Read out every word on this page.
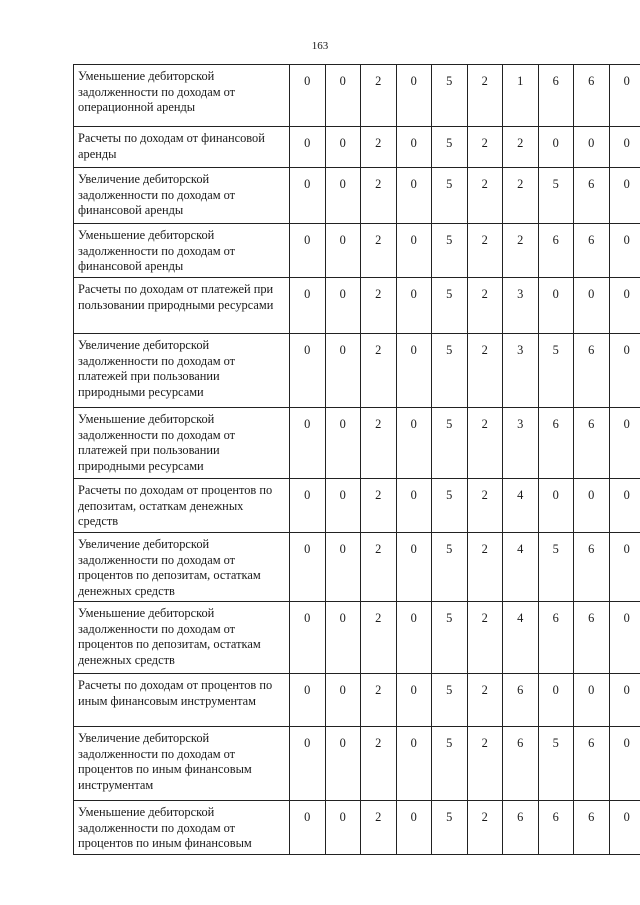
163
Уменьшение дебиторской задолженности по доходам от операционной аренды	0	0	2	0	5	2	1	6	6	0
Расчеты по доходам от финансовой аренды	0	0	2	0	5	2	2	0	0	0
Увеличение дебиторской задолженности по доходам от финансовой аренды	0	0	2	0	5	2	2	5	6	0
Уменьшение дебиторской задолженности по доходам от финансовой аренды	0	0	2	0	5	2	2	6	6	0
Расчеты по доходам от платежей при пользовании природными ресурсами	0	0	2	0	5	2	3	0	0	0
Увеличение дебиторской задолженности по доходам от платежей при пользовании природными ресурсами	0	0	2	0	5	2	3	5	6	0
Уменьшение дебиторской задолженности по доходам от платежей при пользовании природными ресурсами	0	0	2	0	5	2	3	6	6	0
Расчеты по доходам от процентов по депозитам, остаткам денежных средств	0	0	2	0	5	2	4	0	0	0
Увеличение дебиторской задолженности по доходам от процентов по депозитам, остаткам денежных средств	0	0	2	0	5	2	4	5	6	0
Уменьшение дебиторской задолженности по доходам от процентов по депозитам, остаткам денежных средств	0	0	2	0	5	2	4	6	6	0
Расчеты по доходам от процентов по иным финансовым инструментам	0	0	2	0	5	2	6	0	0	0
Увеличение дебиторской задолженности по доходам от процентов по иным финансовым инструментам	0	0	2	0	5	2	6	5	6	0
Уменьшение дебиторской задолженности по доходам от процентов по иным финансовым	0	0	2	0	5	2	6	6	6	0
